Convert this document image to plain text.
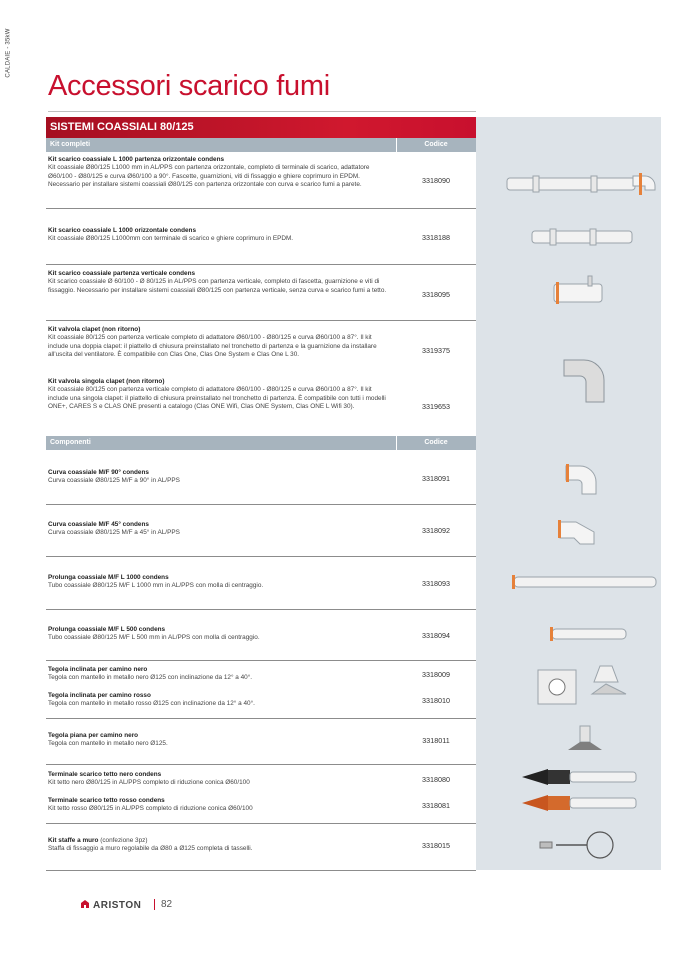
CALDAIE - 35kW
Accessori scarico fumi
SISTEMI COASSIALI 80/125
Kit completi	Codice
Kit scarico coassiale L 1000 partenza orizzontale condens
Kit coassiale Ø80/125 L1000 mm in AL/PPS con partenza orizzontale, completo di terminale di scarico, adattatore Ø60/100 - Ø80/125 e curva Ø60/100 a 90°. Fascette, guarnizioni, viti di fissaggio e ghiere coprimuro in EPDM. Necessario per installare sistemi coassiali Ø80/125 con partenza orizzontale con curva e scarico fumi a parete.	3318090
Kit scarico coassiale L 1000 orizzontale condens
Kit coassiale Ø80/125 L1000mm con terminale di scarico e ghiere coprimuro in EPDM.	3318188
Kit scarico coassiale partenza verticale condens
Kit scarico coassiale Ø 60/100 - Ø 80/125 in AL/PPS con partenza verticale, completo di fascetta, guarnizione e viti di fissaggio. Necessario per installare sistemi coassiali Ø80/125 con partenza verticale, senza curva e scarico fumi a tetto.	3318095
Kit valvola clapet (non ritorno)
Kit coassiale 80/125 con partenza verticale completo di adattatore Ø60/100 - Ø80/125 e curva Ø60/100 a 87°. Il kit include una doppia clapet: il piattello di chiusura preinstallato nel tronchetto di partenza e la guarnizione da installare all'uscita del ventilatore. È compatibile con Clas One, Clas One System e Clas One L 30.	3319375
Kit valvola singola clapet (non ritorno)
Kit coassiale 80/125 con partenza verticale completo di adattatore Ø60/100 - Ø80/125 e curva Ø60/100 a 87°. Il kit include una singola clapet: il piattello di chiusura preinstallato nel tronchetto di partenza. È compatibile con tutti i modelli ONE+, CARES S e CLAS ONE presenti a catalogo (Clas ONE Wifi, Clas ONE System, Clas ONE L Wifi 30).	3319653
Componenti	Codice
Curva coassiale M/F 90° condens
Curva coassiale Ø80/125 M/F a 90° in AL/PPS	3318091
Curva coassiale M/F 45° condens
Curva coassiale Ø80/125 M/F a 45° in AL/PPS	3318092
Prolunga coassiale M/F L 1000 condens
Tubo coassiale Ø80/125 M/F L 1000 mm in AL/PPS con molla di centraggio.	3318093
Prolunga coassiale M/F L 500 condens
Tubo coassiale Ø80/125 M/F L 500 mm in AL/PPS con molla di centraggio.	3318094
Tegola inclinata per camino nero
Tegola con mantello in metallo nero Ø125 con inclinazione da 12° a 40°.	3318009
Tegola inclinata per camino rosso
Tegola con mantello in metallo rosso Ø125 con inclinazione da 12° a 40°.	3318010
Tegola piana per camino nero
Tegola con mantello in metallo nero Ø125.	3318011
Terminale scarico tetto nero condens
Kit tetto nero Ø80/125 in AL/PPS completo di riduzione conica Ø60/100	3318080
Terminale scarico tetto rosso condens
Kit tetto rosso Ø80/125 in AL/PPS completo di riduzione conica Ø60/100	3318081
Kit staffe a muro (confezione 3pz)
Staffa di fissaggio a muro regolabile da Ø80 a Ø125 completa di tasselli.	3318015
ARISTON 82
